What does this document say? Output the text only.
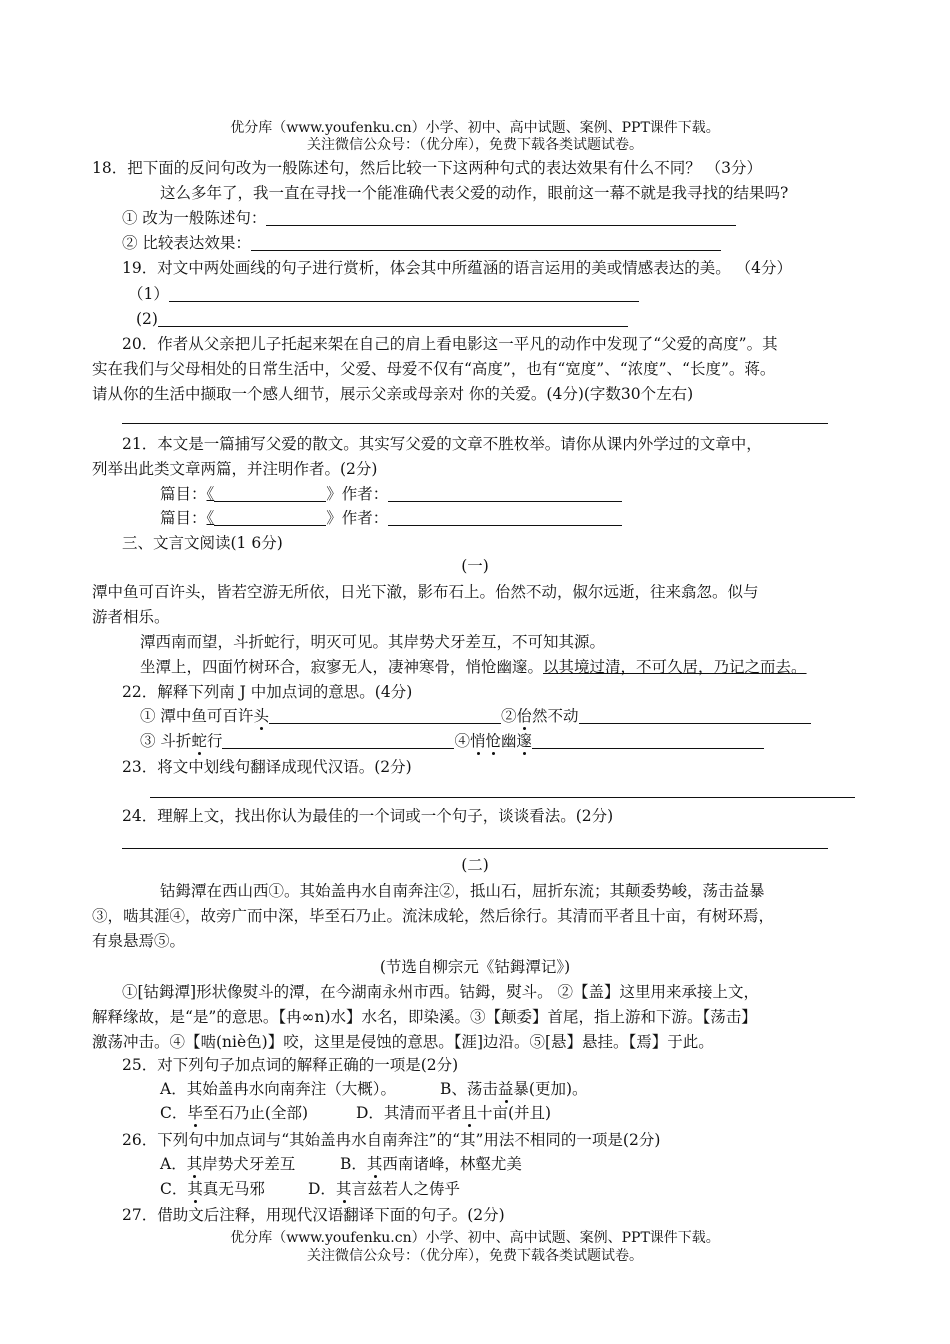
优分库（www.youfenku.cn）小学、初中、高中试题、案例、PPT课件下载。
关注微信公众号：（优分库），免费下载各类试题试卷。
18．把下面的反问句改为一般陈述句，然后比较一下这两种句式的表达效果有什么不同？ （3分）
这么多年了，我一直在寻找一个能准确代表父爱的动作，眼前这一幕不就是我寻找的结果吗?
① 改为一般陈述句：
② 比较表达效果：
19．对文中两处画线的句子进行赏析，体会其中所蕴涵的语言运用的美或情感表达的美。 （4分）
（1）
(2)
20．作者从父亲把儿子托起来架在自己的肩上看电影这一平凡的动作中发现了“父爱的高度”。其
实在我们与父母相处的日常生活中，父爱、母爱不仅有“高度”，也有“宽度”、“浓度”、“长度”。蒋。
请从你的生活中撷取一个感人细节，展示父亲或母亲对 你的关爱。(4分)(字数30个左右)
21．本文是一篇捕写父爱的散文。其实写父爱的文章不胜枚举。请你从课内外学过的文章中，
列举出此类文章两篇，并注明作者。(2分)
篇目：《	》作者：
篇目：《	》作者：
三、文言文阅读(1 6分)
(一)
潭中鱼可百许头，皆若空游无所依，日光下澈，影布石上。佁然不动，俶尔远逝，往来翕忽。似与
游者相乐。
潭西南而望，斗折蛇行，明灭可见。其岸势犬牙差互，不可知其源。
坐潭上，四面竹树环合，寂寥无人，凄神寒骨，悄怆幽邃。以其境过清，不可久居，乃记之而去。
22．解释下列南 J 中加点词的意思。(4分)
① 潭中鱼可百许头	②佁然不动
③ 斗折蛇行	④悄怆幽邃
23．将文中划线句翻译成现代汉语。(2分)
24．理解上文，找出你认为最佳的一个词或一个句子，谈谈看法。(2分)
(二)
钴鉧潭在西山西①。其始盖冉水自南奔注②，抵山石，屈折东流；其颠委势峻，荡击益暴
③，啮其涯④，故旁广而中深，毕至石乃止。流沫成轮，然后徐行。其清而平者且十亩，有树环焉，
有泉悬焉⑤。
(节选自柳宗元《钴鉧潭记》)
①[钴鉧潭]形状像熨斗的潭，在今湖南永州市西。钴鉧，熨斗。 ②【盖】这里用来承接上文，
解释缘故，是“是”的意思。【冉∞n)水】水名，即染溪。③【颠委】首尾，指上游和下游。【荡击】
激荡冲击。④【啮(niè色)】咬，这里是侵蚀的意思。【涯]边沿。⑤[悬】悬挂。【焉】于此。
25．对下列句子加点词的解释正确的一项是(2分)
A．其始盖冉水向南奔注（大概）。	B、荡击益暴(更加)。
C．毕至石乃止(全部)	D．其清而平者且十亩(并且)
26．下列句中加点词与“其始盖冉水自南奔注”的“其”用法不相同的一项是(2分)
A．其岸势犬牙差互	B．其西南诸峰，林壑尤美
C．其真无马邪	D．其言兹若人之俦乎
27．借助文后注释，用现代汉语翻译下面的句子。(2分)
优分库（www.youfenku.cn）小学、初中、高中试题、案例、PPT课件下载。
关注微信公众号：（优分库），免费下载各类试题试卷。
